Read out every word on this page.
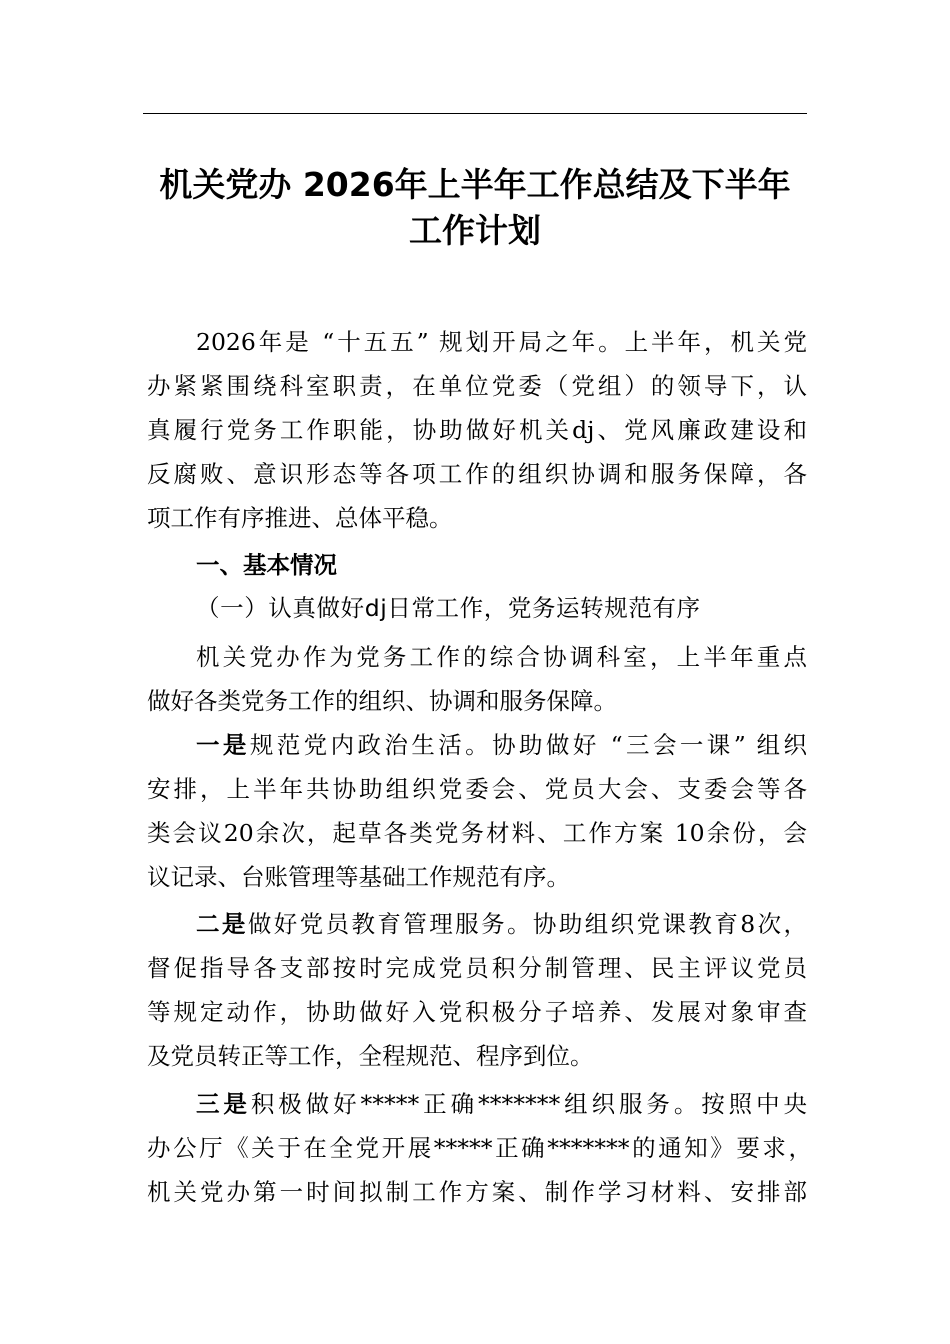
机关党办 2026年上半年工作总结及下半年
工作计划

2026年是 “十五五” 规划开局之年。上半年，机关党

办紧紧围绕科室职责，在单位党委（党组）的领导下，认

真履行党务工作职能，协助做好机关dj、党风廉政建设和

反腐败、意识形态等各项工作的组织协调和服务保障，各

项工作有序推进、总体平稳。

一、基本情况

（一）认真做好dj日常工作，党务运转规范有序

机关党办作为党务工作的综合协调科室，上半年重点

做好各类党务工作的组织、协调和服务保障。

一是规范党内政治生活。协助做好 “三会一课” 组织

安排，上半年共协助组织党委会、党员大会、支委会等各

类会议20余次，起草各类党务材料、工作方案 10余份，会

议记录、台账管理等基础工作规范有序。

二是做好党员教育管理服务。协助组织党课教育8次，

督促指导各支部按时完成党员积分制管理、民主评议党员

等规定动作，协助做好入党积极分子培养、发展对象审查

及党员转正等工作，全程规范、程序到位。

三是积极做好*****正确*******组织服务。按照中央

办公厅《关于在全党开展*****正确*******的通知》要求，

机关党办第一时间拟制工作方案、制作学习材料、安排部
